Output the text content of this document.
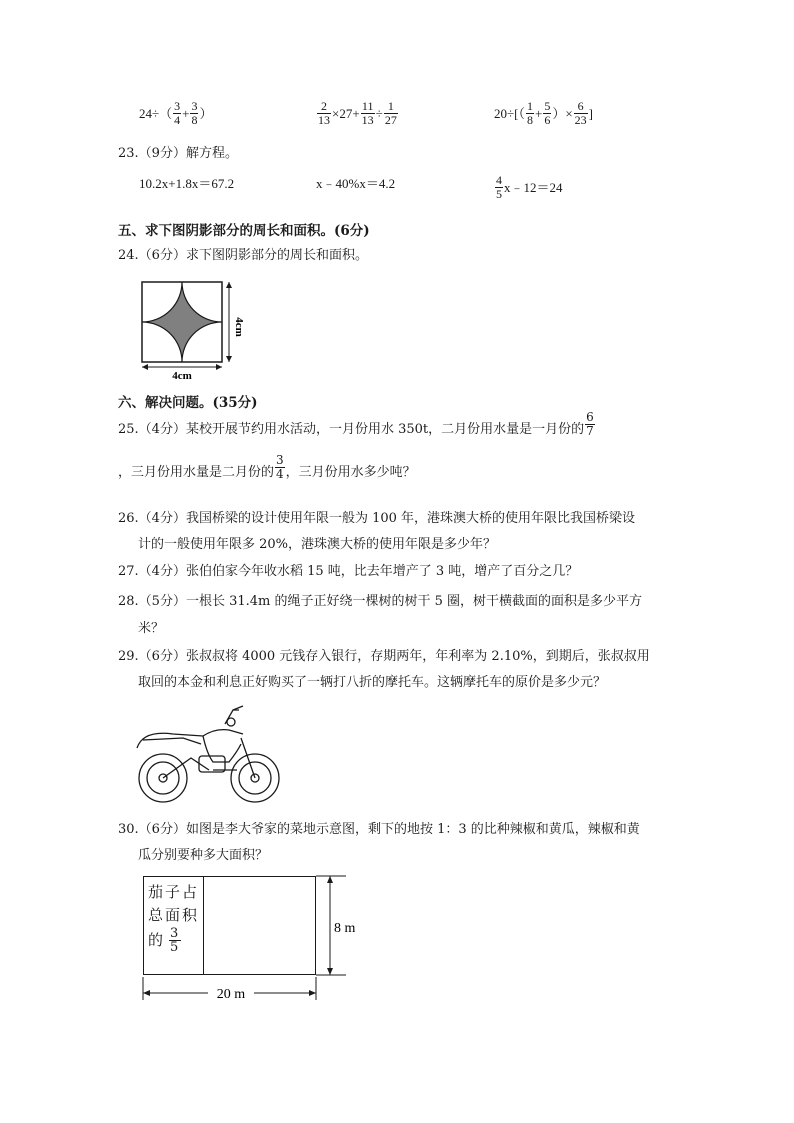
$24\div( \frac{3}{4} + \frac{3}{8}$ ）	$\frac{2}{13} \times 27+ \frac{11}{13} \div \frac{1}{27}$	$20\div[( \frac{1}{8} + \frac{5}{6}$ ）× $\frac{6}{23}$ ]
23.（9分）解方程。
10.2x+1.8x＝67.2	x﹣40%x＝4.2	$\frac{4}{5}$ x﹣12＝24
五、求下图阴影部分的周长和面积。(6分)
24.（6分）求下图阴影部分的周长和面积。
4cm
4cm
六、解决问题。(35分)
25.（4分）某校开展节约用水活动，一月份用水 350t，二月份用水量是一月份的 $\frac{6}{7}$
，三月份用水量是二月份的 $\frac{3}{4}$ ，三月份用水多少吨？
26.（4分）我国桥梁的设计使用年限一般为 100 年，港珠澳大桥的使用年限比我国桥梁设
计的一般使用年限多 20%，港珠澳大桥的使用年限是多少年？
27.（4分）张伯伯家今年收水稻 15 吨，比去年增产了 3 吨，增产了百分之几？
28.（5分）一根长 31.4m 的绳子正好绕一棵树的树干 5 圈，树干横截面的面积是多少平方
米？
29.（6分）张叔叔将 4000 元钱存入银行，存期两年，年利率为 2.10%，到期后，张叔叔用
取回的本金和利息正好购买了一辆打八折的摩托车。这辆摩托车的原价是多少元？
30.（6分）如图是李大爷家的菜地示意图，剩下的地按 1：3 的比种辣椒和黄瓜，辣椒和黄
瓜分别要种多大面积？
茄子占
总面积
的 $\frac{3}{5}$	8 m
20 m
